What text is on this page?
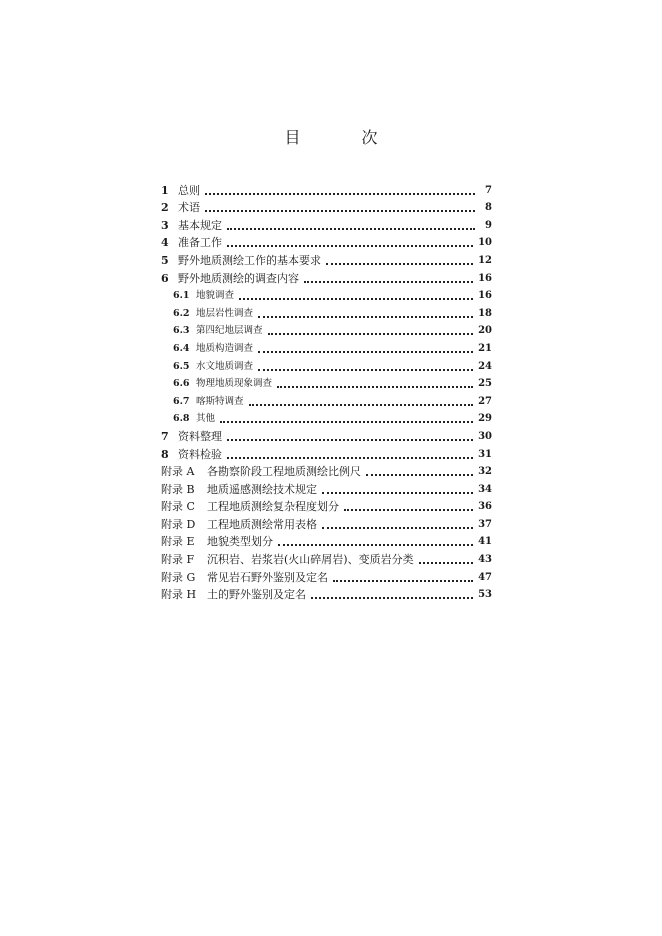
目 次
1 总则	7
2 术语	8
3 基本规定	9
4 准备工作	10
5 野外地质测绘工作的基本要求	12
6 野外地质测绘的调查内容	16
6.1 地貌调查	16
6.2 地层岩性调查	18
6.3 第四纪地层调查	20
6.4 地质构造调查	21
6.5 水文地质调查	24
6.6 物理地质现象调查	25
6.7 喀斯特调查	27
6.8 其他	29
7 资料整理	30
8 资料检验	31
附录 A	各勘察阶段工程地质测绘比例尺	32
附录 B	地质遥感测绘技术规定	34
附录 C	工程地质测绘复杂程度划分	36
附录 D	工程地质测绘常用表格	37
附录 E	地貌类型划分	41
附录 F	沉积岩、岩浆岩(火山碎屑岩)、变质岩分类	43
附录 G	常见岩石野外鉴别及定名	47
附录 H 土的野外鉴别及定名	53
